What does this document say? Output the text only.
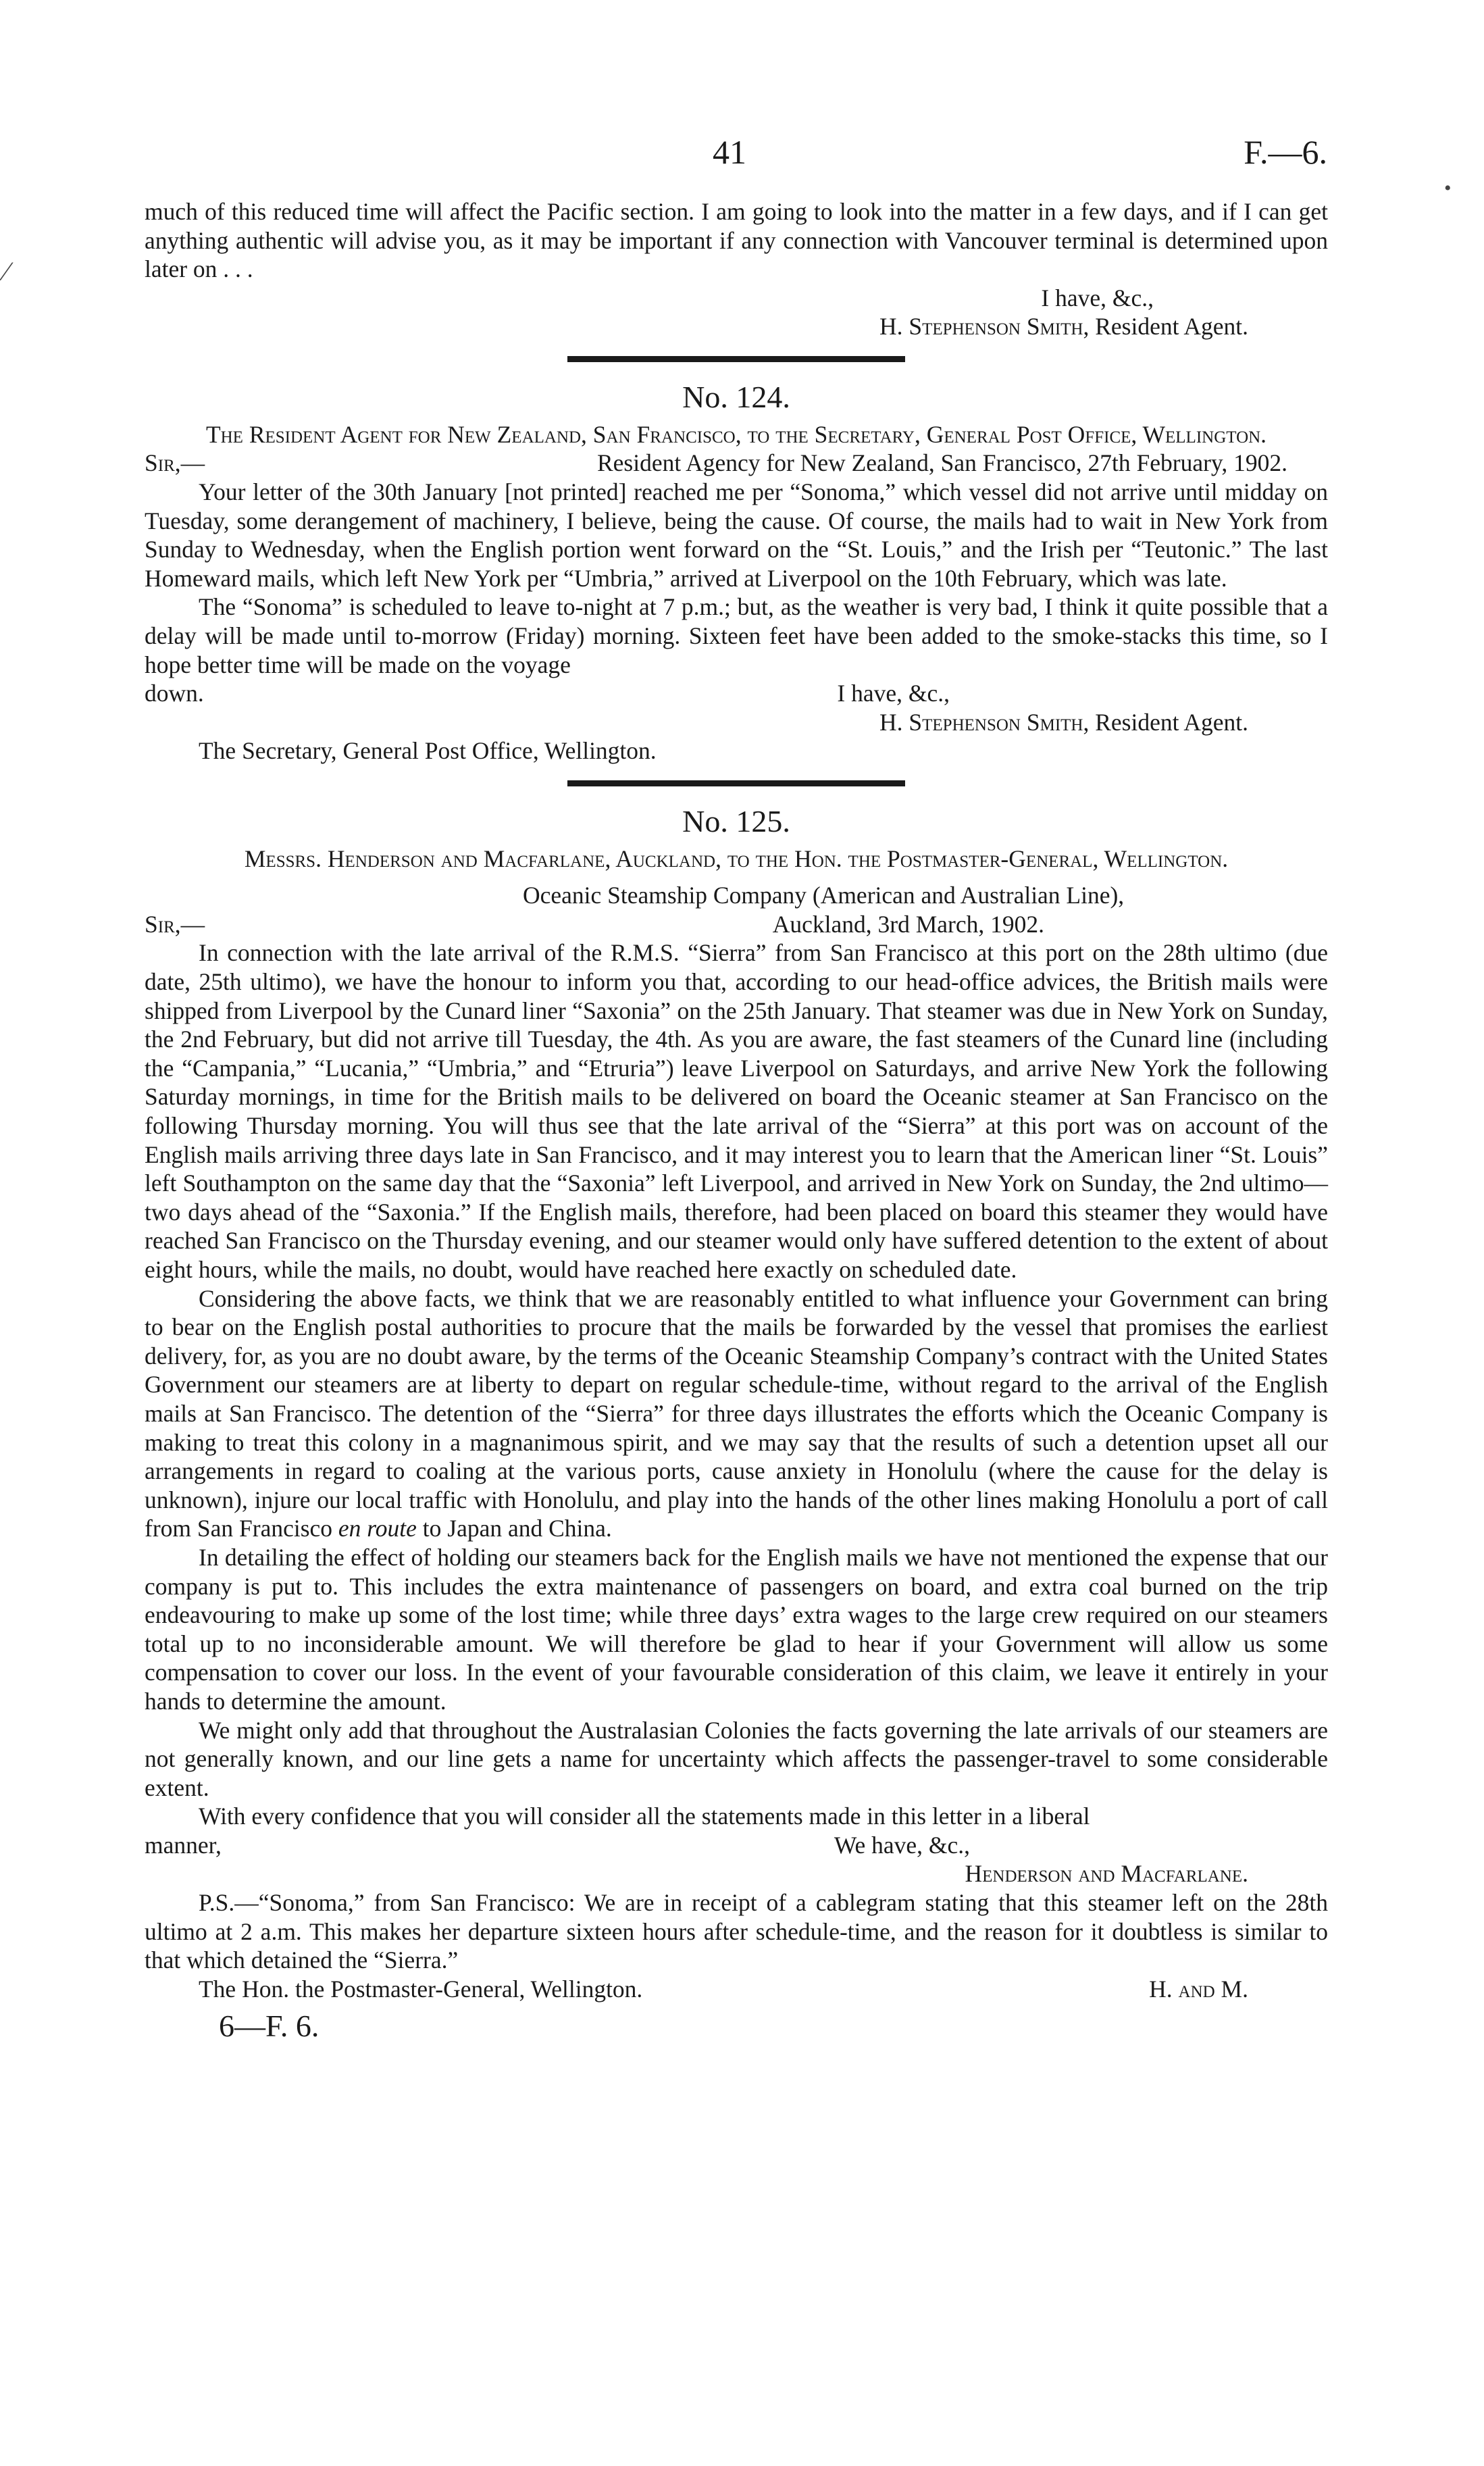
41	F.—6.
⁄
•

much of this reduced time will affect the Pacific section. I am going to look into the matter in a few days, and if I can get anything authentic will advise you, as it may be important if any connection with Vancouver terminal is determined upon later on . . .

I have, &c.,

H. Stephenson Smith, Resident Agent.

No. 124.

The Resident Agent for New Zealand, San Francisco, to the Secretary, General Post Office, Wellington.

Sir,—	Resident Agency for New Zealand, San Francisco, 27th February, 1902.

Your letter of the 30th January [not printed] reached me per “Sonoma,” which vessel did not arrive until midday on Tuesday, some derangement of machinery, I believe, being the cause. Of course, the mails had to wait in New York from Sunday to Wednesday, when the English portion went forward on the “St. Louis,” and the Irish per “Teutonic.” The last Homeward mails, which left New York per “Umbria,” arrived at Liverpool on the 10th February, which was late.

The “Sonoma” is scheduled to leave to-night at 7 p.m.; but, as the weather is very bad, I think it quite possible that a delay will be made until to-morrow (Friday) morning. Sixteen feet have been added to the smoke-stacks this time, so I hope better time will be made on the voyage

down.	I have, &c.,

H. Stephenson Smith, Resident Agent.

The Secretary, General Post Office, Wellington.

No. 125.

Messrs. Henderson and Macfarlane, Auckland, to the Hon. the Postmaster-General, Wellington.

Oceanic Steamship Company (American and Australian Line),

Sir,—	Auckland, 3rd March, 1902.

In connection with the late arrival of the R.M.S. “Sierra” from San Francisco at this port on the 28th ultimo (due date, 25th ultimo), we have the honour to inform you that, according to our head-office advices, the British mails were shipped from Liverpool by the Cunard liner “Saxonia” on the 25th January. That steamer was due in New York on Sunday, the 2nd February, but did not arrive till Tuesday, the 4th. As you are aware, the fast steamers of the Cunard line (including the “Campania,” “Lucania,” “Umbria,” and “Etruria”) leave Liverpool on Saturdays, and arrive New York the following Saturday mornings, in time for the British mails to be delivered on board the Oceanic steamer at San Francisco on the following Thursday morning. You will thus see that the late arrival of the “Sierra” at this port was on account of the English mails arriving three days late in San Francisco, and it may interest you to learn that the American liner “St. Louis” left Southampton on the same day that the “Saxonia” left Liverpool, and arrived in New York on Sunday, the 2nd ultimo—two days ahead of the “Saxonia.” If the English mails, therefore, had been placed on board this steamer they would have reached San Francisco on the Thursday evening, and our steamer would only have suffered detention to the extent of about eight hours, while the mails, no doubt, would have reached here exactly on scheduled date.

Considering the above facts, we think that we are reasonably entitled to what influence your Government can bring to bear on the English postal authorities to procure that the mails be forwarded by the vessel that promises the earliest delivery, for, as you are no doubt aware, by the terms of the Oceanic Steamship Company’s contract with the United States Government our steamers are at liberty to depart on regular schedule-time, without regard to the arrival of the English mails at San Francisco. The detention of the “Sierra” for three days illustrates the efforts which the Oceanic Company is making to treat this colony in a magnanimous spirit, and we may say that the results of such a detention upset all our arrangements in regard to coaling at the various ports, cause anxiety in Honolulu (where the cause for the delay is unknown), injure our local traffic with Honolulu, and play into the hands of the other lines making Honolulu a port of call from San Francisco en route to Japan and China.

In detailing the effect of holding our steamers back for the English mails we have not mentioned the expense that our company is put to. This includes the extra maintenance of passengers on board, and extra coal burned on the trip endeavouring to make up some of the lost time; while three days’ extra wages to the large crew required on our steamers total up to no inconsiderable amount. We will therefore be glad to hear if your Government will allow us some compensation to cover our loss. In the event of your favourable consideration of this claim, we leave it entirely in your hands to determine the amount.

We might only add that throughout the Australasian Colonies the facts governing the late arrivals of our steamers are not generally known, and our line gets a name for uncertainty which affects the passenger-travel to some considerable extent.

With every confidence that you will consider all the statements made in this letter in a liberal

manner,	We have, &c.,

Henderson and Macfarlane.

P.S.—“Sonoma,” from San Francisco: We are in receipt of a cablegram stating that this steamer left on the 28th ultimo at 2 a.m. This makes her departure sixteen hours after schedule-time, and the reason for it doubtless is similar to that which detained the “Sierra.”

The Hon. the Postmaster-General, Wellington.	H. and M.

6—F. 6.
